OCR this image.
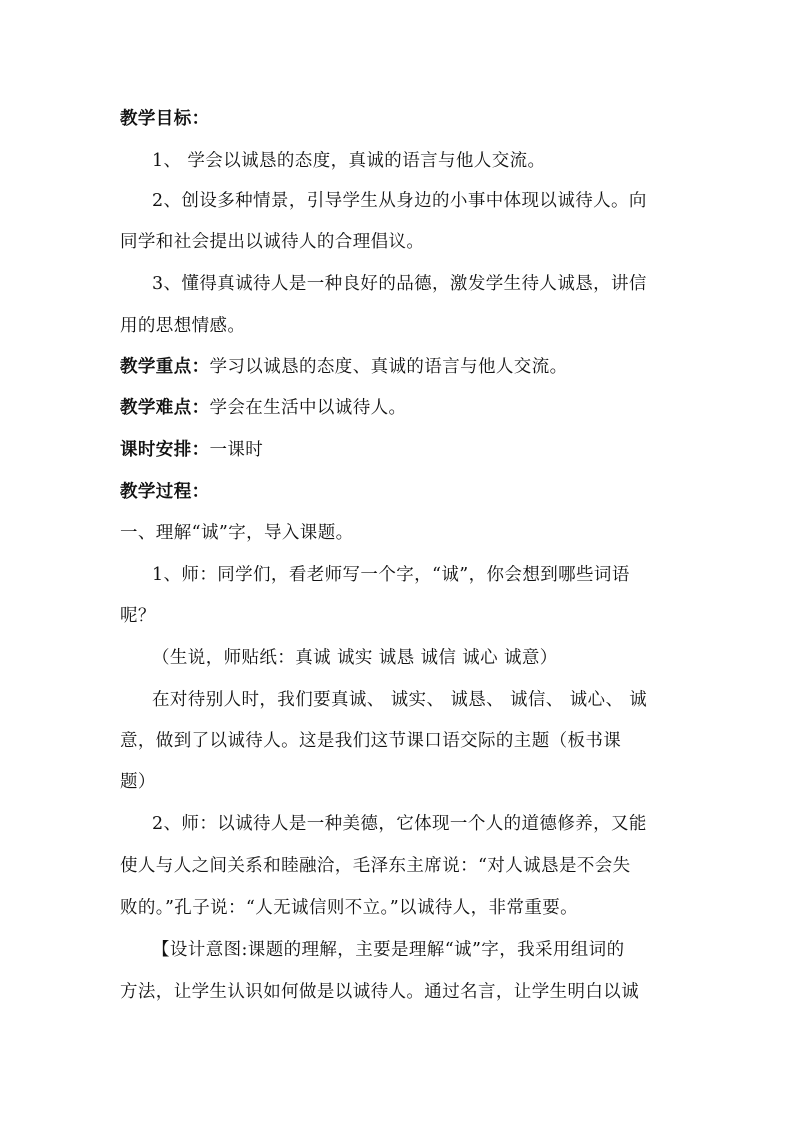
教学目标：
1、 学会以诚恳的态度，真诚的语言与他人交流。
2、创设多种情景，引导学生从身边的小事中体现以诚待人。向
同学和社会提出以诚待人的合理倡议。
3、懂得真诚待人是一种良好的品德，激发学生待人诚恳，讲信
用的思想情感。
教学重点：学习以诚恳的态度、真诚的语言与他人交流。
教学难点：学会在生活中以诚待人。
课时安排：一课时
教学过程：
一、理解“诚”字，导入课题。
1、师：同学们，看老师写一个字，“诚”，你会想到哪些词语
呢？
（生说，师贴纸：真诚 诚实 诚恳 诚信 诚心 诚意）
在对待别人时，我们要真诚、 诚实、 诚恳、 诚信、 诚心、 诚
意，做到了以诚待人。这是我们这节课口语交际的主题（板书课
题）
2、师：以诚待人是一种美德，它体现一个人的道德修养，又能
使人与人之间关系和睦融洽，毛泽东主席说：“对人诚恳是不会失
败的。”孔子说：“人无诚信则不立。”以诚待人，非常重要。
【设计意图:课题的理解，主要是理解“诚”字，我采用组词的
方法，让学生认识如何做是以诚待人。通过名言，让学生明白以诚
